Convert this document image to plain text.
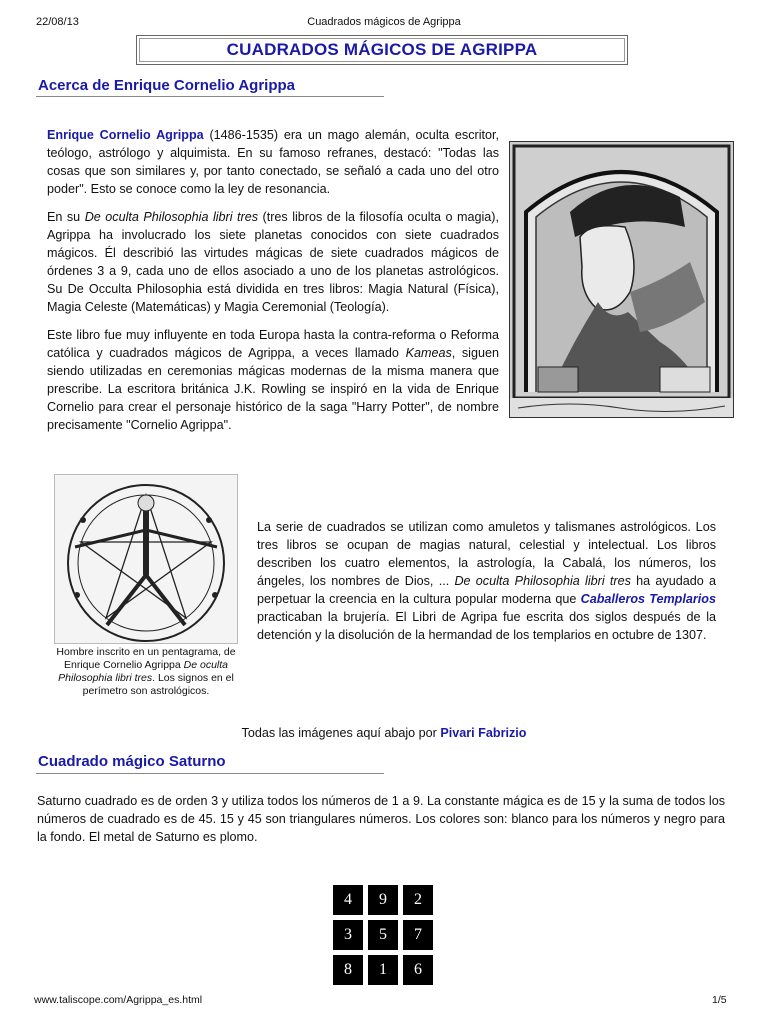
22/08/13	Cuadrados mágicos de Agrippa
CUADRADOS MÁGICOS DE AGRIPPA
Acerca de Enrique Cornelio Agrippa

Enrique Cornelio Agrippa (1486-1535) era un mago alemán, oculta escritor, teólogo, astrólogo y alquimista. En su famoso refranes, destacó: "Todas las cosas que son similares y, por tanto conectado, se señaló a cada uno del otro poder". Esto se conoce como la ley de resonancia.

En su De oculta Philosophia libri tres (tres libros de la filosofía oculta o magia), Agrippa ha involucrado los siete planetas conocidos con siete cuadrados mágicos. Él describió las virtudes mágicas de siete cuadrados mágicos de órdenes 3 a 9, cada uno de ellos asociado a uno de los planetas astrológicos. Su De Occulta Philosophia está dividida en tres libros: Magia Natural (Física), Magia Celeste (Matemáticas) y Magia Ceremonial (Teología).

Este libro fue muy influyente en toda Europa hasta la contra-reforma o Reforma católica y cuadrados mágicos de Agrippa, a veces llamado Kameas, siguen siendo utilizadas en ceremonias mágicas modernas de la misma manera que prescribe. La escritora británica J.K. Rowling se inspiró en la vida de Enrique Cornelio para crear el personaje histórico de la saga "Harry Potter", de nombre precisamente "Cornelio Agrippa".

Hombre inscrito en un pentagrama, de Enrique Cornelio Agrippa De oculta Philosophia libri tres. Los signos en el perímetro son astrológicos.

La serie de cuadrados se utilizan como amuletos y talismanes astrológicos. Los tres libros se ocupan de magias natural, celestial y intelectual. Los libros describen los cuatro elementos, la astrología, la Cabalá, los números, los ángeles, los nombres de Dios, ... De oculta Philosophia libri tres ha ayudado a perpetuar la creencia en la cultura popular moderna que Caballeros Templarios practicaban la brujería. El Libri de Agripa fue escrita dos siglos después de la detención y la disolución de la hermandad de los templarios en octubre de 1307.

Todas las imágenes aquí abajo por Pivari Fabrizio
Cuadrado mágico Saturno

Saturno cuadrado es de orden 3 y utiliza todos los números de 1 a 9. La constante mágica es de 15 y la suma de todos los números de cuadrado es de 45. 15 y 45 son triangulares números. Los colores son: blanco para los números y negro para la fondo. El metal de Saturno es plomo.

4	9	2
3	5	7
8	1	6
www.taliscope.com/Agrippa_es.html	1/5
